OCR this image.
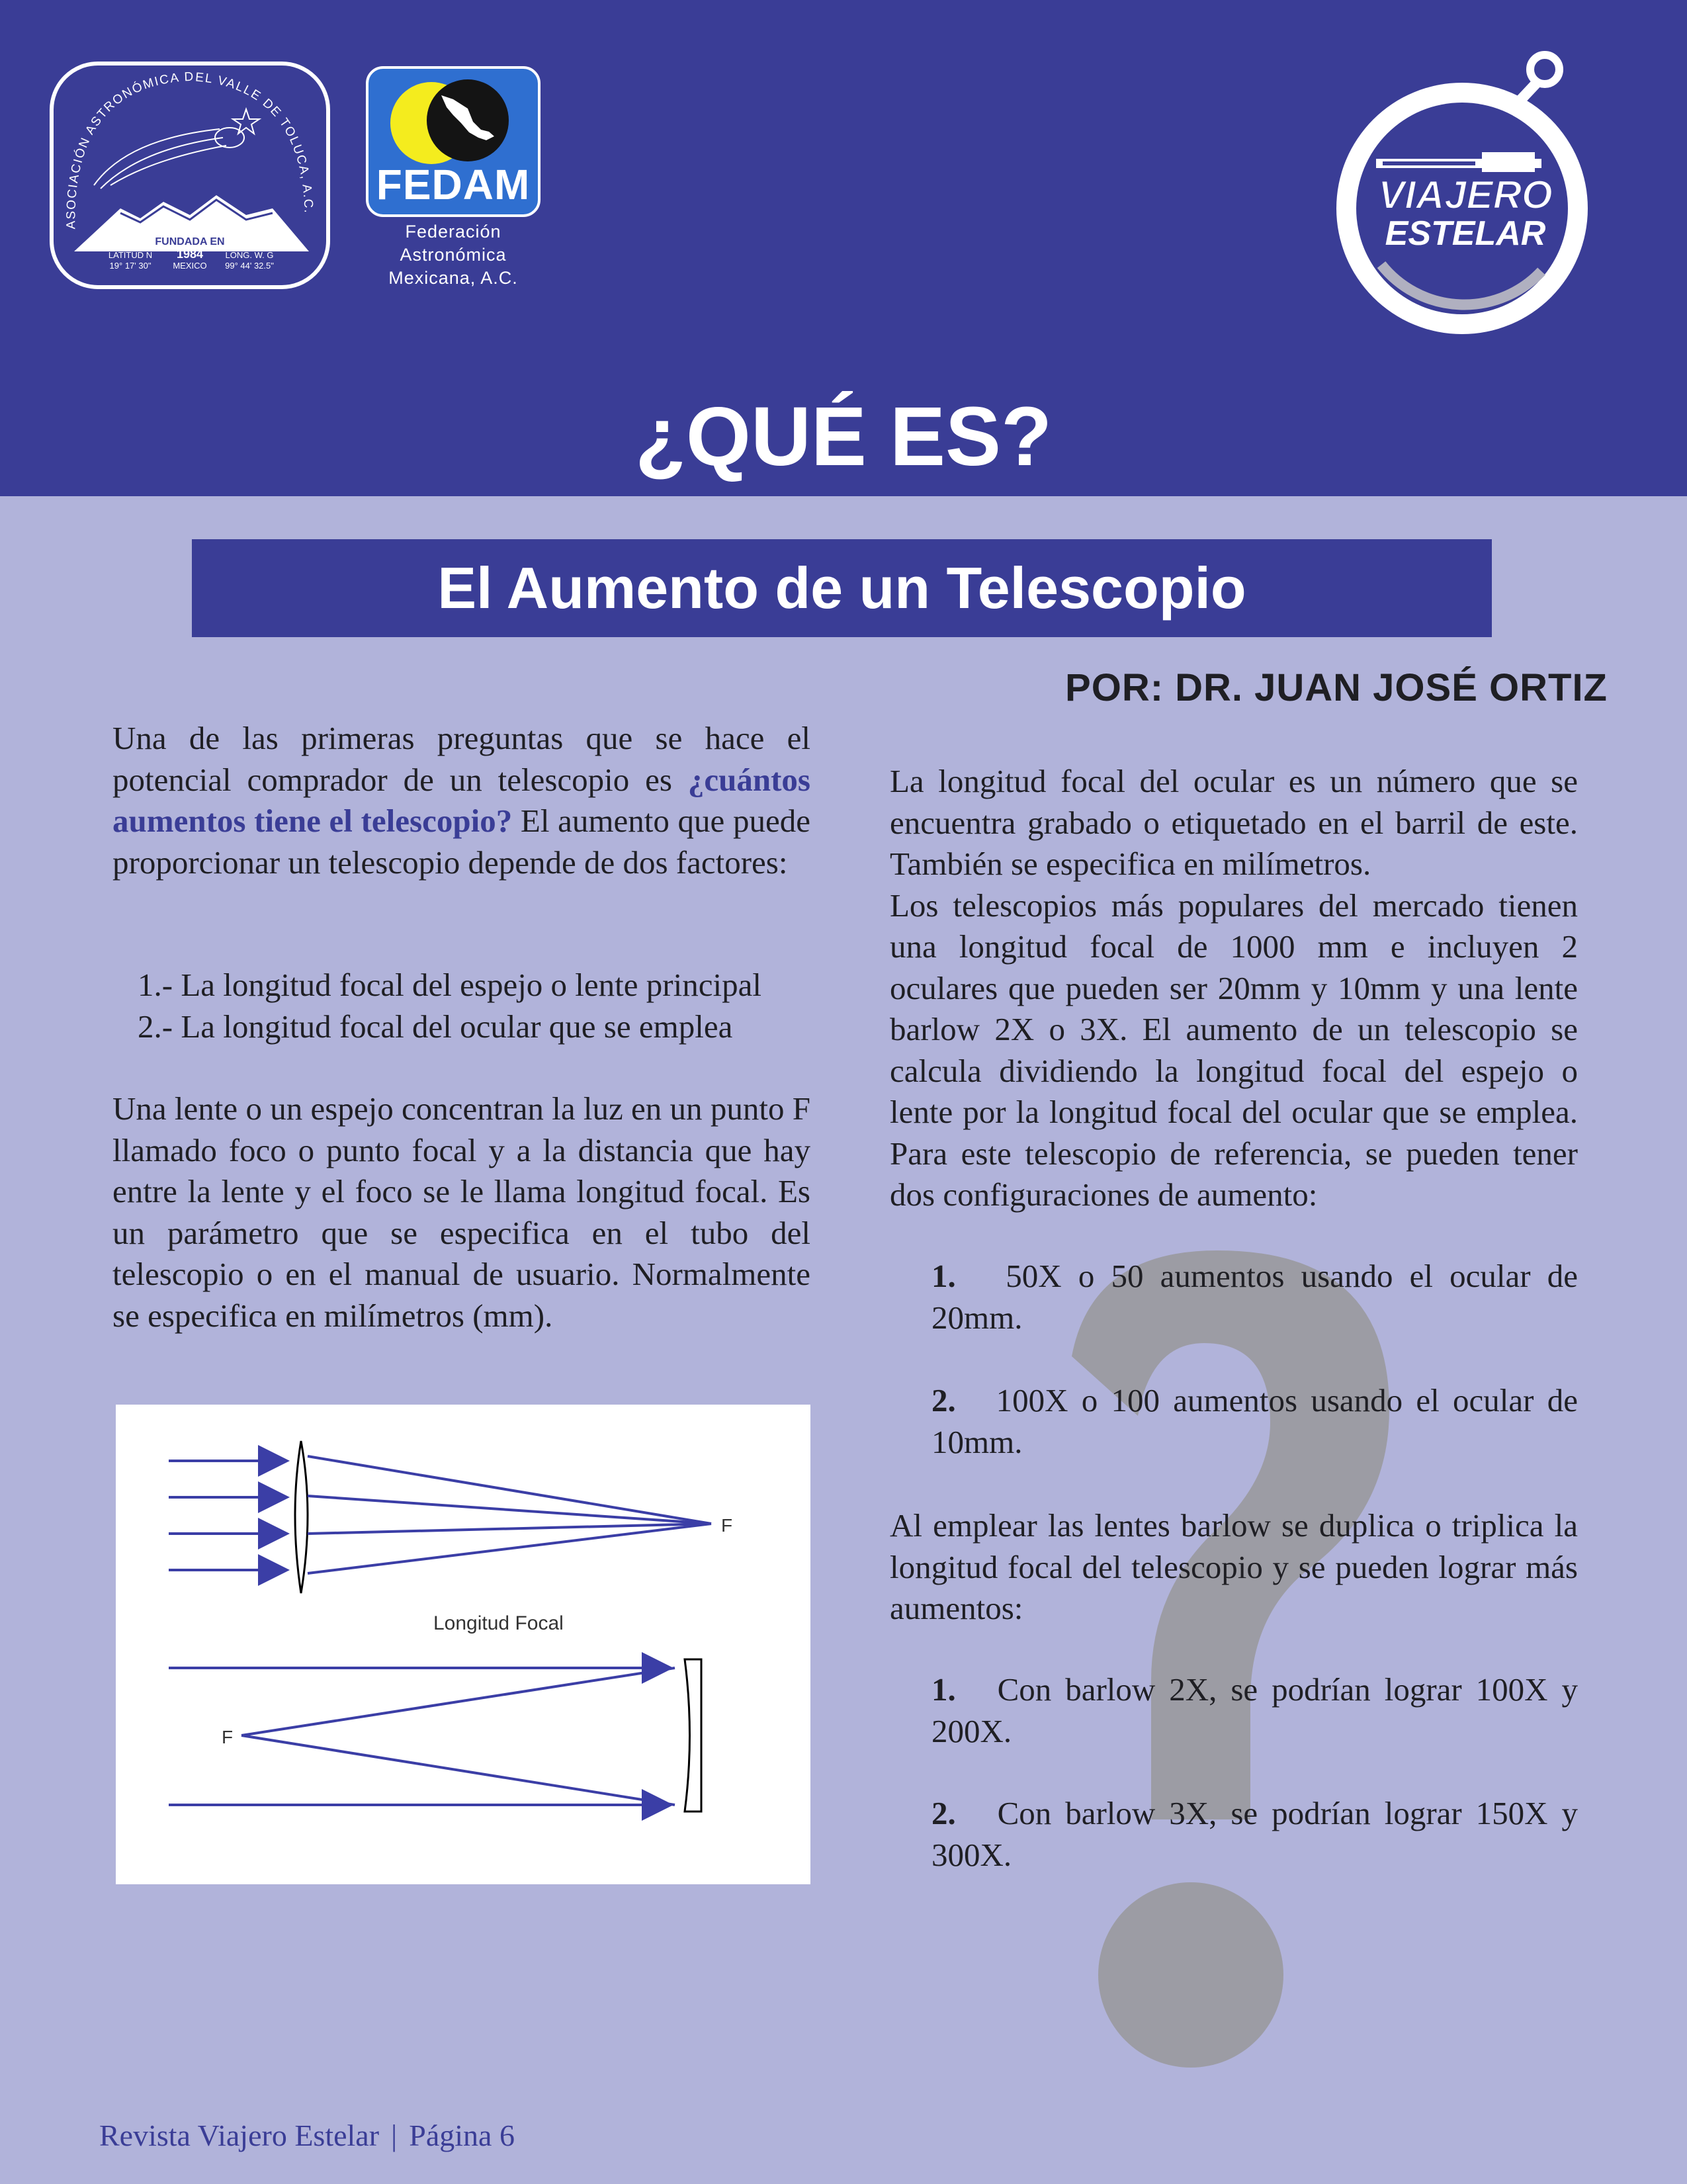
ASOCIACIÓN ASTRONÓMICA DEL VALLE DE TOLUCA, A.C.
FUNDADA EN
1984
LATITUD N
19° 17' 30"	MEXICO
LONG. W. G
99° 44' 32.5"
FEDAM
Federación
Astronómica
Mexicana, A.C.
VIAJERO
ESTELAR
¿QUÉ ES?
El Aumento de un Telescopio
POR: DR. JUAN JOSÉ ORTIZ

Una de las primeras preguntas que se hace el potencial comprador de un telescopio es ¿cuántos aumentos tiene el telescopio? El aumento que puede proporcionar un telescopio depende de dos factores:

1.- La longitud focal del espejo o lente principal
2.- La longitud focal del ocular que se emplea

Una lente o un espejo concentran la luz en un punto F llamado foco o punto focal y a la distancia que hay entre la lente y el foco se le llama longitud focal. Es un parámetro que se especifica en el tubo del telescopio o en el manual de usuario. Normalmente se especifica en milímetros (mm).

F
Longitud Focal
F
La longitud focal del ocular es un número que se encuentra grabado o etiquetado en el barril de este. También se especifica en milímetros.
Los telescopios más populares del mercado tienen una longitud focal de 1000 mm e incluyen 2 oculares que pueden ser 20mm y 10mm y una lente barlow 2X o 3X. El aumento de un telescopio se calcula dividiendo la longitud focal del espejo o lente por la longitud focal del ocular que se emplea. Para este telescopio de referencia, se pueden tener dos configuraciones de aumento:

1. 50X o 50 aumentos usando el ocular de 20mm.

2. 100X o 100 aumentos usando el ocular de 10mm.

Al emplear las lentes barlow se duplica o triplica la longitud focal del telescopio y se pueden lograr más aumentos:

1. Con barlow 2X, se podrían lograr 100X y 200X.

2. Con barlow 3X, se podrían lograr 150X y 300X.

Revista Viajero Estelar | Página 6
